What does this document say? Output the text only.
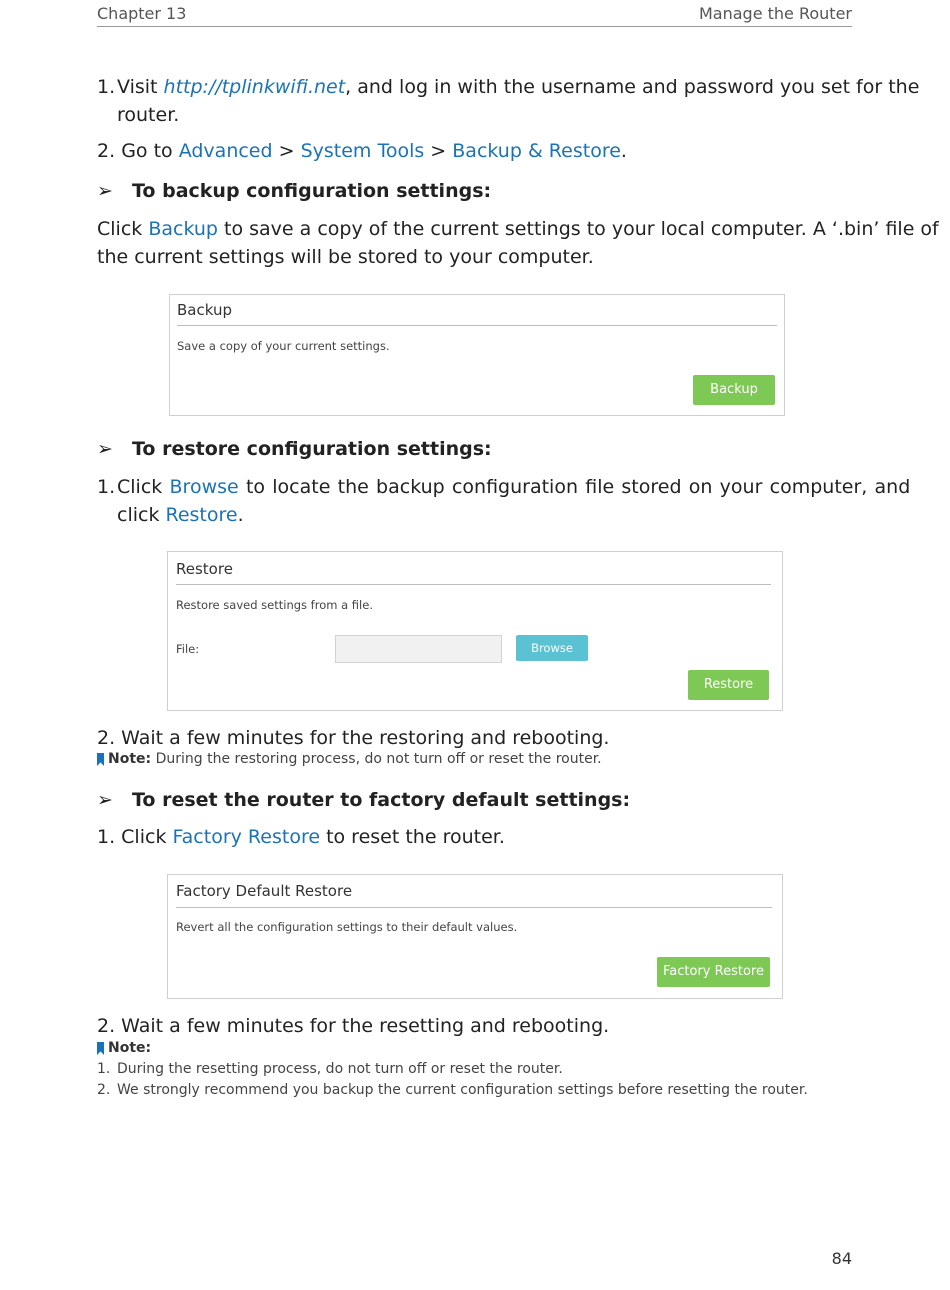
Chapter 13	Manage the Router
1. Visit http://tplinkwifi.net, and log in with the username and password you set for the
router.
2. Go to Advanced > System Tools > Backup & Restore.
➢ To backup configuration settings:
Click Backup to save a copy of the current settings to your local computer. A ‘.bin’ file of
the current settings will be stored to your computer.
Backup
Save a copy of your current settings.
Backup
➢ To restore configuration settings:
1. Click Browse to locate the backup configuration file stored on your computer, and
click Restore.
Restore
Restore saved settings from a file.
File:	Browse
Restore
2. Wait a few minutes for the restoring and rebooting.
Note: During the restoring process, do not turn off or reset the router.
➢ To reset the router to factory default settings:
1. Click Factory Restore to reset the router.
Factory Default Restore
Revert all the configuration settings to their default values.
Factory Restore
2. Wait a few minutes for the resetting and rebooting.
Note:
1. During the resetting process, do not turn off or reset the router.
2. We strongly recommend you backup the current configuration settings before resetting the router.
84
